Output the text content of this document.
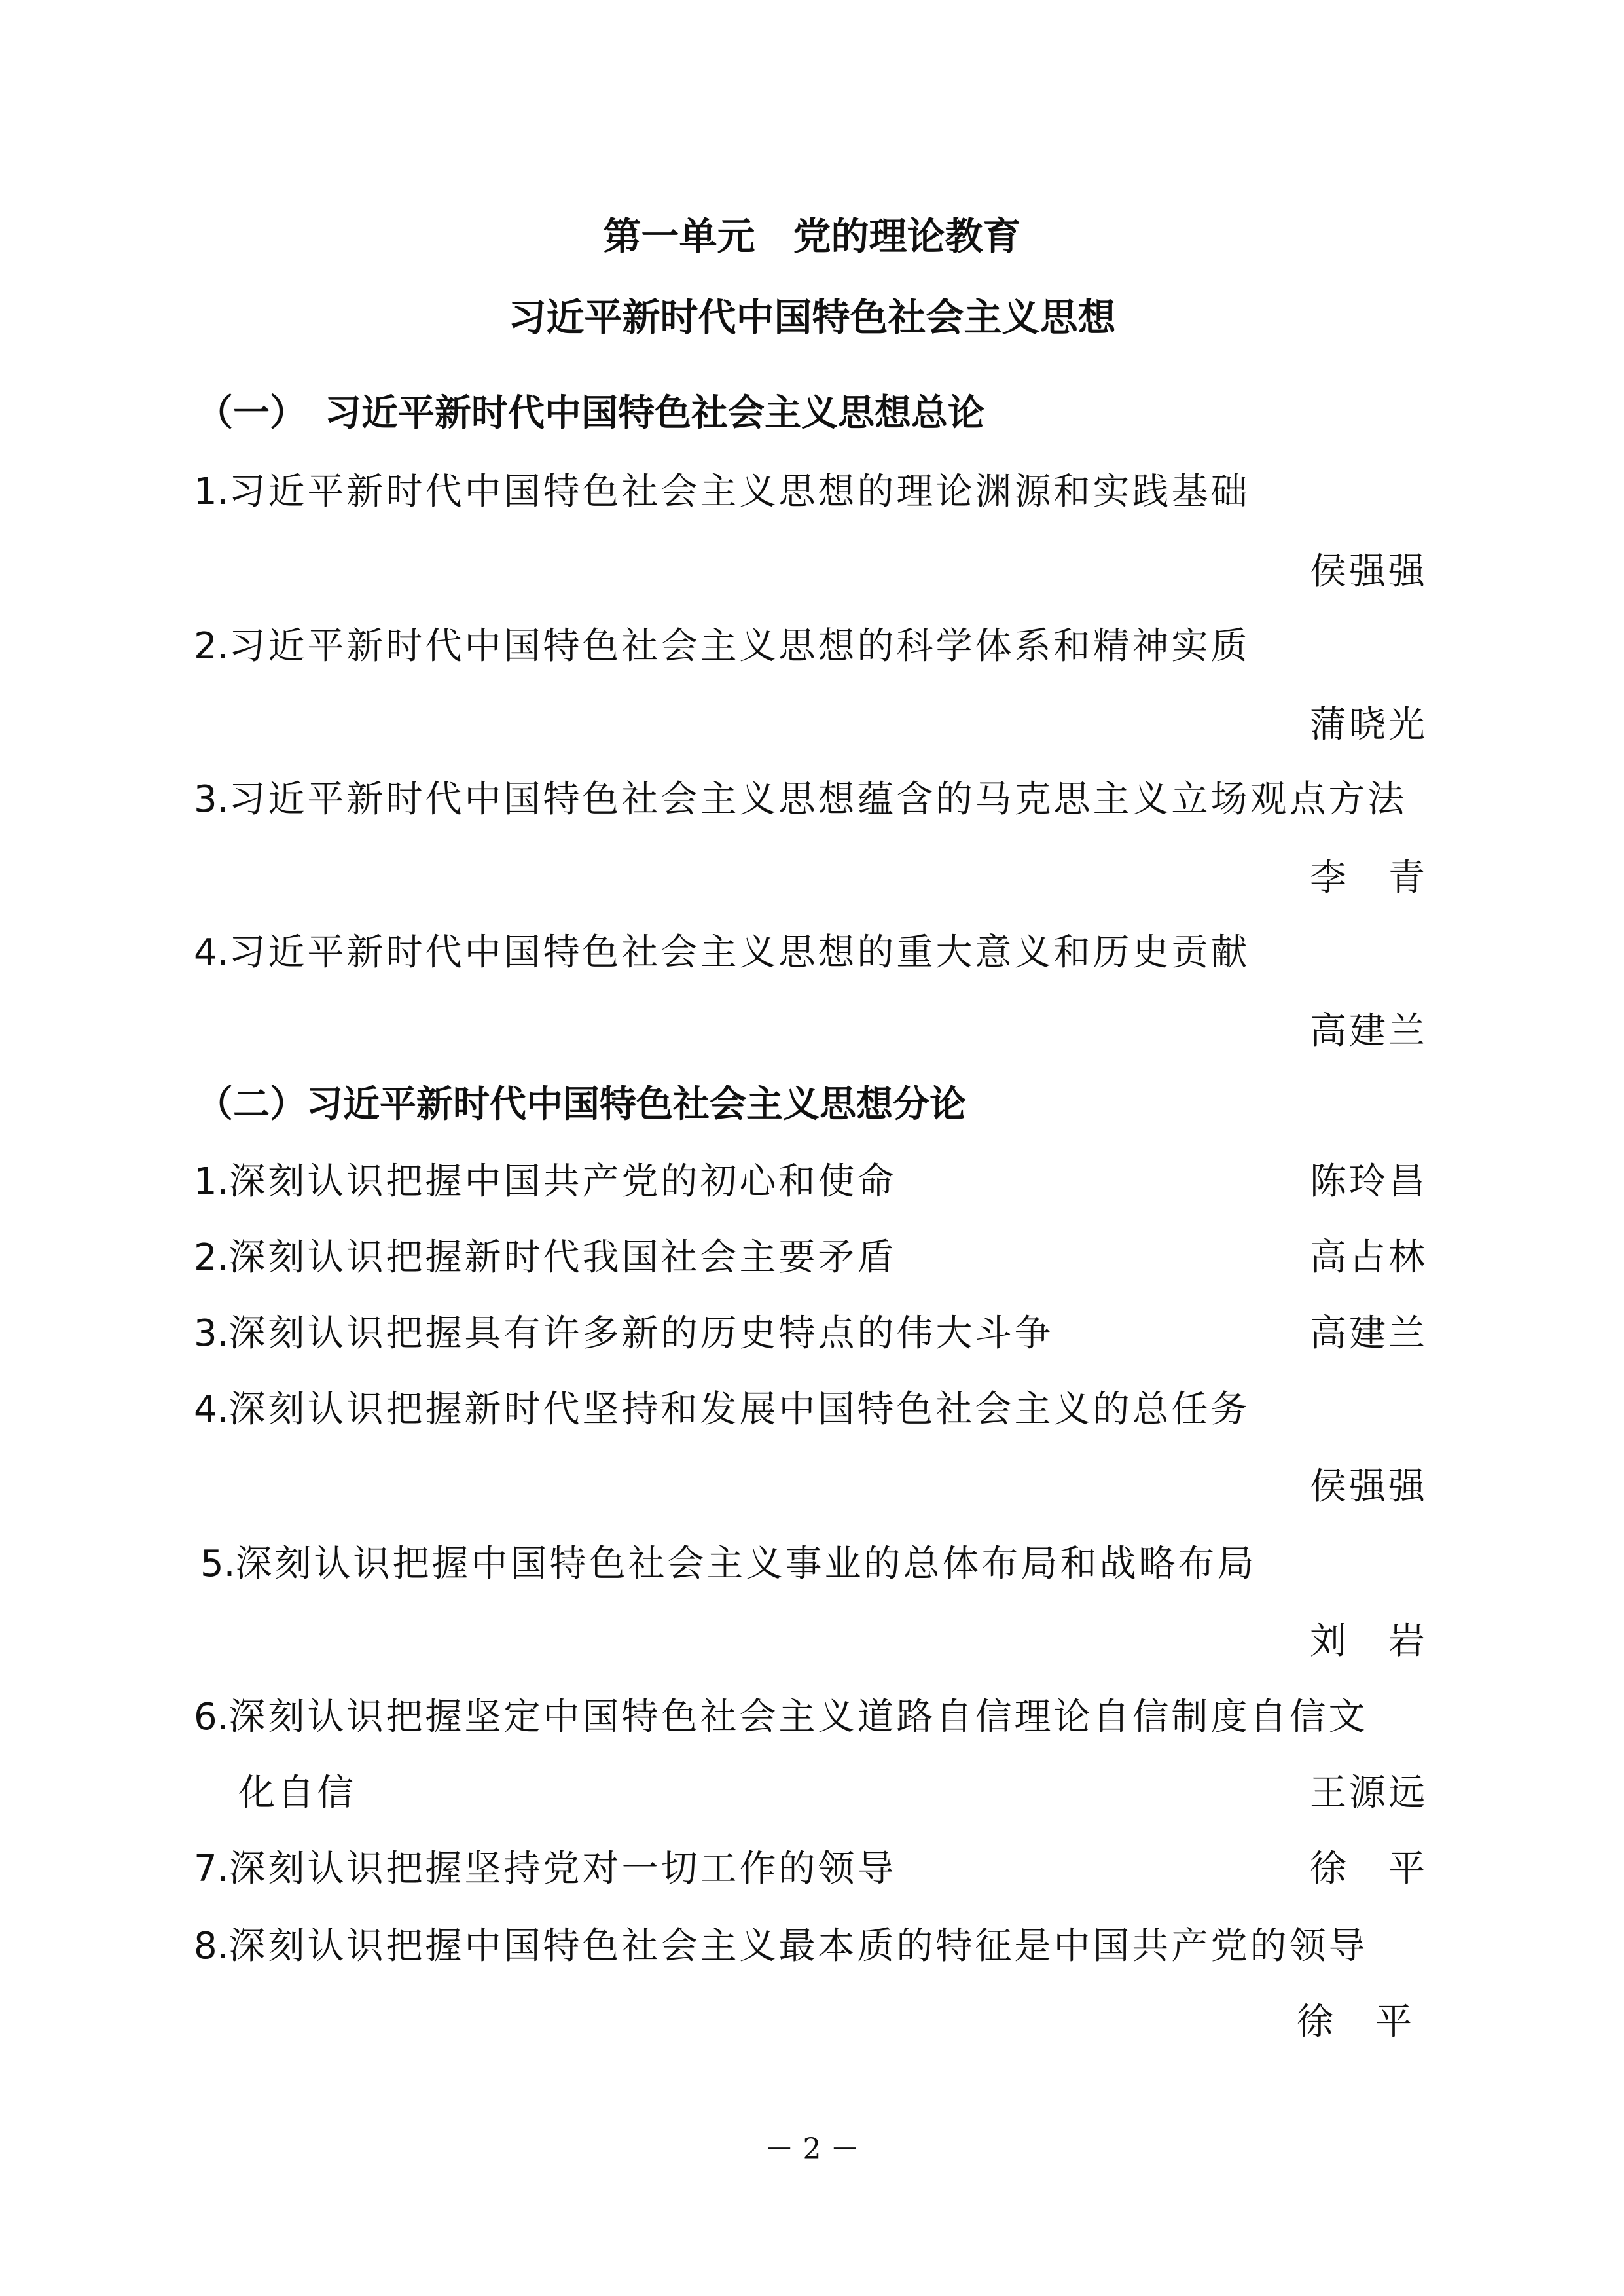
第一单元　党的理论教育
习近平新时代中国特色社会主义思想
（一）　习近平新时代中国特色社会主义思想总论
1.习近平新时代中国特色社会主义思想的理论渊源和实践基础
侯强强
2.习近平新时代中国特色社会主义思想的科学体系和精神实质
蒲晓光
3.习近平新时代中国特色社会主义思想蕴含的马克思主义立场观点方法
李　青
4.习近平新时代中国特色社会主义思想的重大意义和历史贡献
高建兰
（二）习近平新时代中国特色社会主义思想分论
1.深刻认识把握中国共产党的初心和使命	陈玲昌
2.深刻认识把握新时代我国社会主要矛盾	高占林
3.深刻认识把握具有许多新的历史特点的伟大斗争	高建兰
4.深刻认识把握新时代坚持和发展中国特色社会主义的总任务
侯强强
5.深刻认识把握中国特色社会主义事业的总体布局和战略布局
刘　岩
6.深刻认识把握坚定中国特色社会主义道路自信理论自信制度自信文
化自信	王源远
7.深刻认识把握坚持党对一切工作的领导	徐　平
8.深刻认识把握中国特色社会主义最本质的特征是中国共产党的领导
徐　平
－ 2 －
